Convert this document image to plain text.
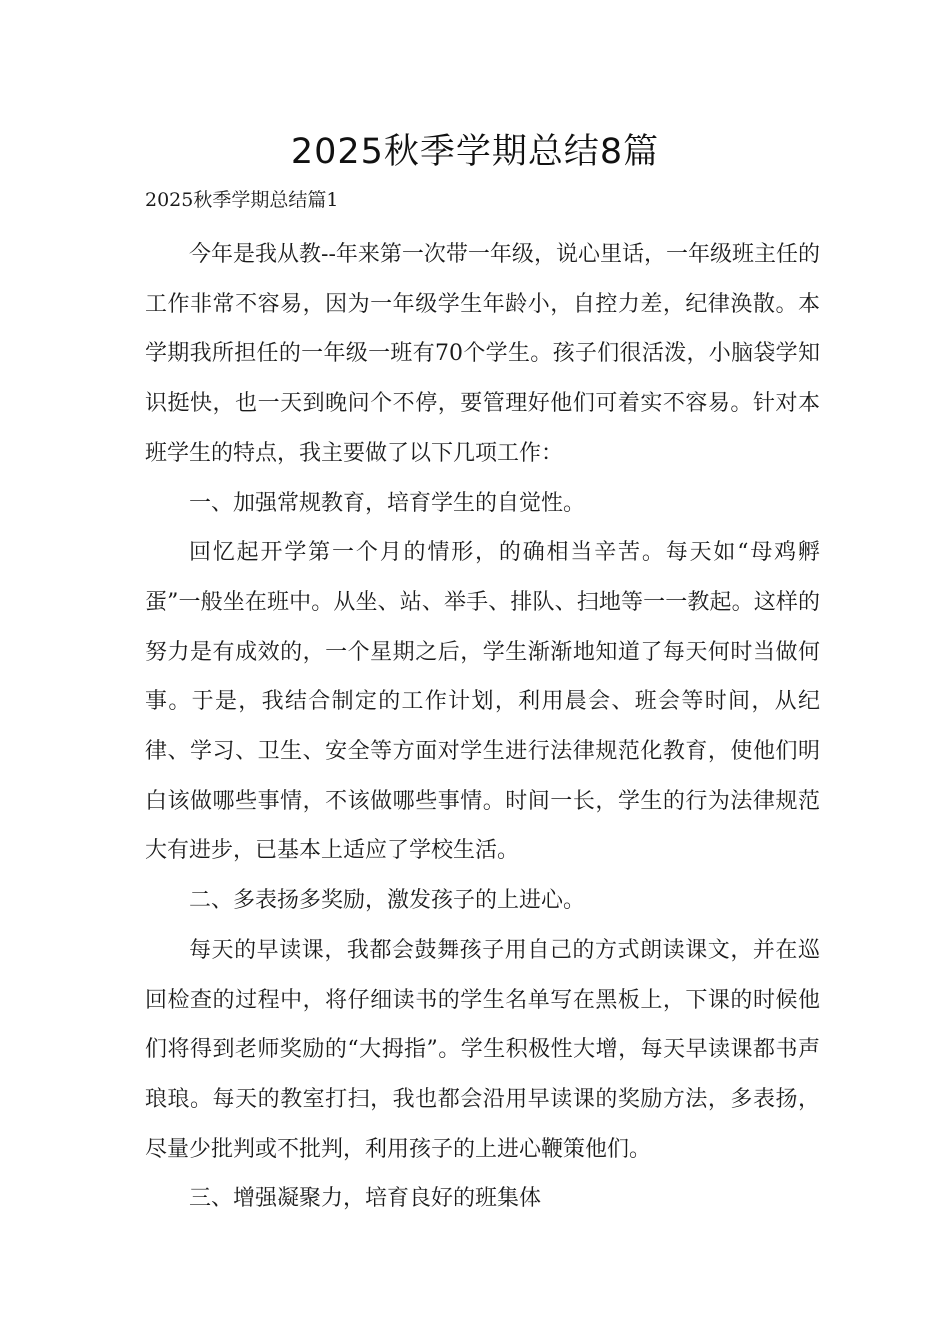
2025秋季学期总结8篇
2025秋季学期总结篇1

今年是我从教--年来第一次带一年级，说心里话，一年级班主任的工作非常不容易，因为一年级学生年龄小，自控力差，纪律涣散。本学期我所担任的一年级一班有70个学生。孩子们很活泼，小脑袋学知识挺快，也一天到晚问个不停，要管理好他们可着实不容易。针对本班学生的特点，我主要做了以下几项工作：

一、加强常规教育，培育学生的自觉性。

回忆起开学第一个月的情形，的确相当辛苦。每天如“母鸡孵蛋”一般坐在班中。从坐、站、举手、排队、扫地等一一教起。这样的努力是有成效的，一个星期之后，学生渐渐地知道了每天何时当做何事。于是，我结合制定的工作计划，利用晨会、班会等时间，从纪律、学习、卫生、安全等方面对学生进行法律规范化教育，使他们明白该做哪些事情，不该做哪些事情。时间一长，学生的行为法律规范大有进步，已基本上适应了学校生活。

二、多表扬多奖励，激发孩子的上进心。

每天的早读课，我都会鼓舞孩子用自己的方式朗读课文，并在巡回检查的过程中，将仔细读书的学生名单写在黑板上，下课的时候他们将得到老师奖励的“大拇指”。学生积极性大增，每天早读课都书声琅琅。每天的教室打扫，我也都会沿用早读课的奖励方法，多表扬，尽量少批判或不批判，利用孩子的上进心鞭策他们。

三、增强凝聚力，培育良好的班集体
